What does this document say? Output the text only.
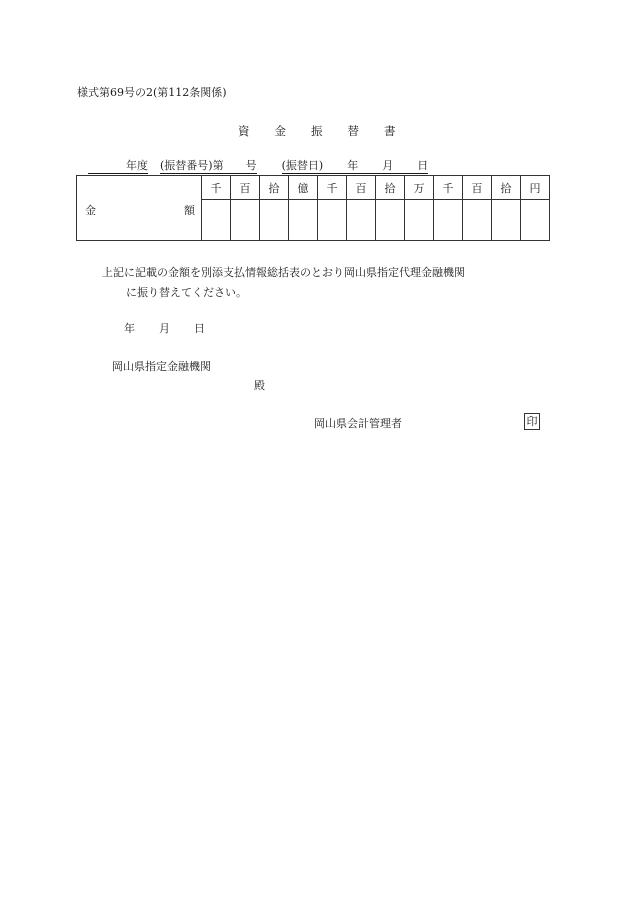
様式第69号の2(第112条関係)
資 金 振 替 書
年度 (振替番号)第 号 (振替日) 年 月 日
金 額	千	百	拾	億	千	百	拾	万	千	百	拾	円

上記に記載の金額を別添支払情報総括表のとおり岡山県指定代理金融機関
に振り替えてください。
年 月 日
岡山県指定金融機関
殿
岡山県会計管理者	印
